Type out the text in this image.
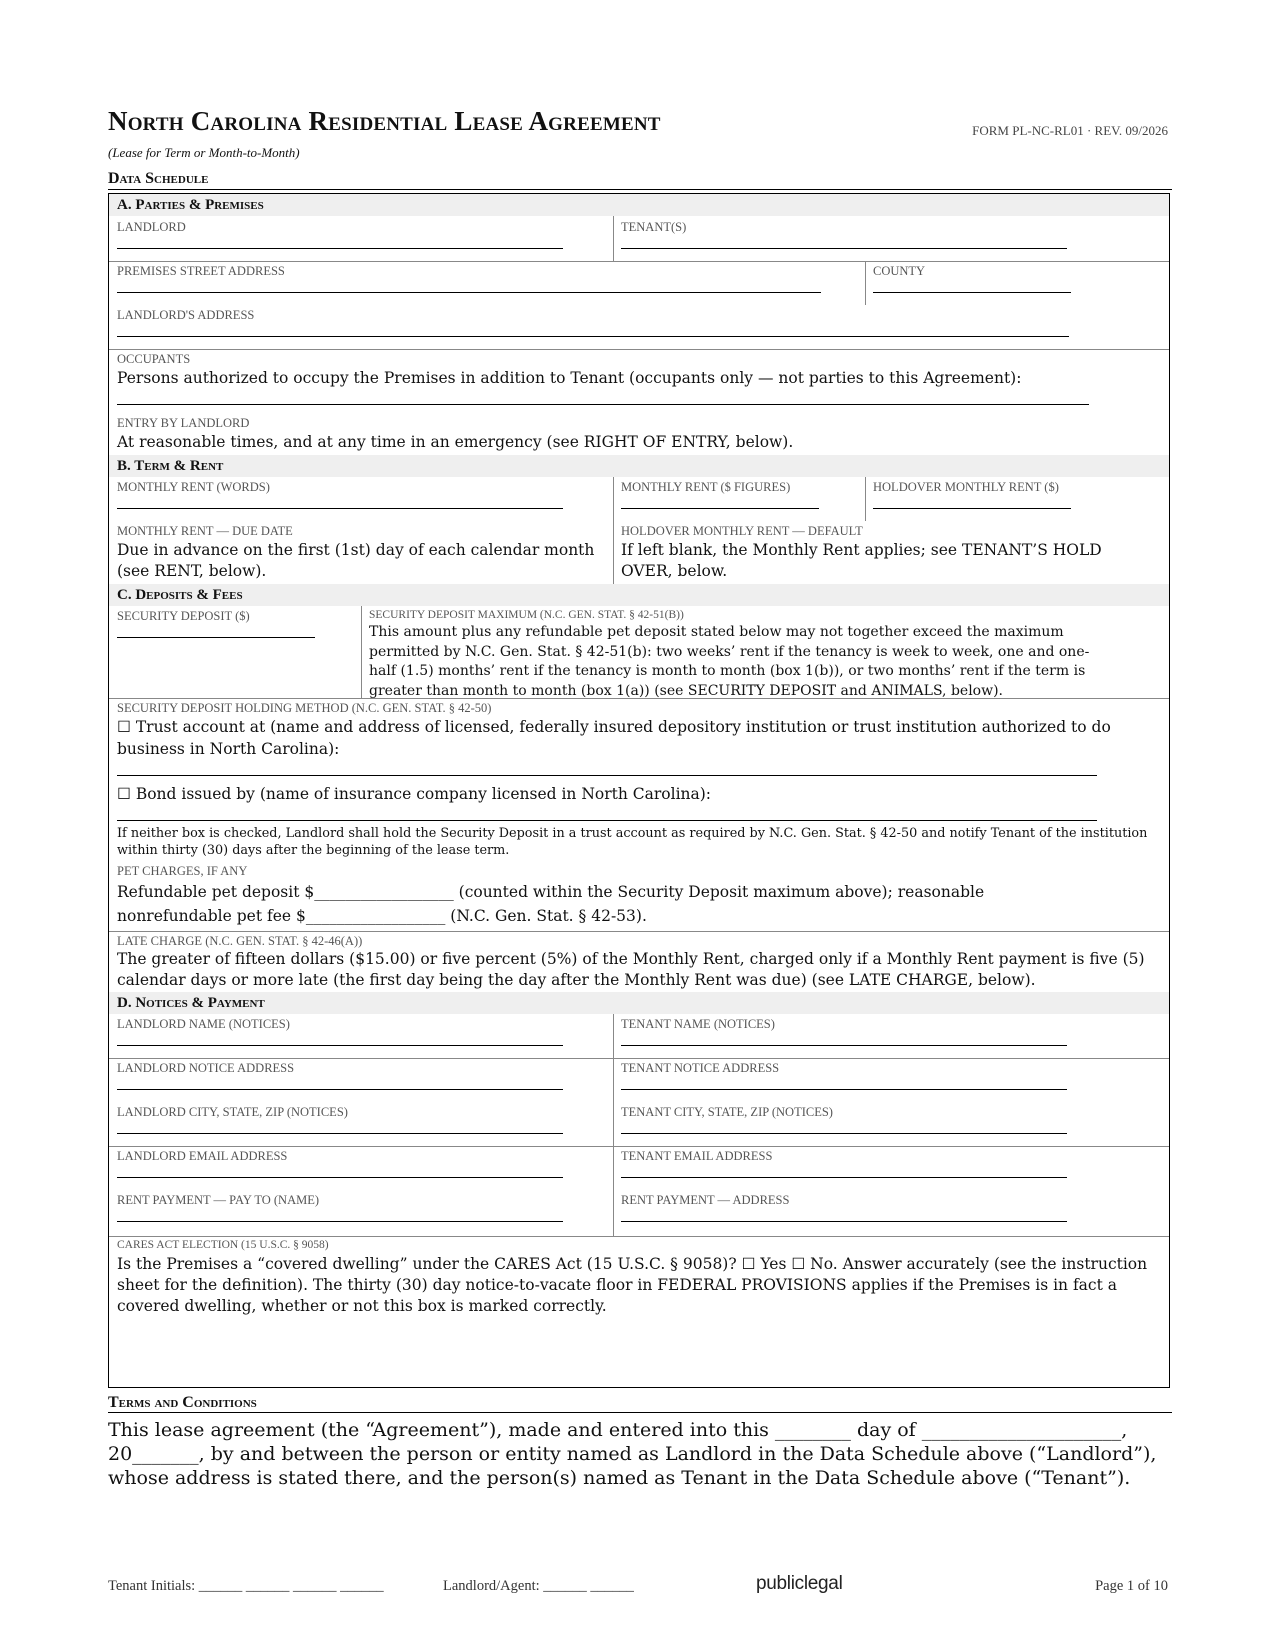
North Carolina Residential Lease Agreement	FORM PL-NC-RL01 · REV. 09/2026
(Lease for Term or Month-to-Month)
Data Schedule
A. Parties & Premises
LANDLORD	TENANT(S)
PREMISES STREET ADDRESS	COUNTY
LANDLORD'S ADDRESS
OCCUPANTS
Persons authorized to occupy the Premises in addition to Tenant (occupants only — not parties to this Agreement):
ENTRY BY LANDLORD
At reasonable times, and at any time in an emergency (see RIGHT OF ENTRY, below).
B. Term & Rent
MONTHLY RENT (WORDS)	MONTHLY RENT ($ FIGURES)	HOLDOVER MONTHLY RENT ($)
MONTHLY RENT — DUE DATE
Due in advance on the first (1st) day of each calendar month (see RENT, below).
HOLDOVER MONTHLY RENT — DEFAULT
If left blank, the Monthly Rent applies; see TENANT’S HOLD OVER, below.
C. Deposits & Fees
SECURITY DEPOSIT ($)	SECURITY DEPOSIT MAXIMUM (N.C. GEN. STAT. § 42-51(B))
This amount plus any refundable pet deposit stated below may not together exceed the maximum permitted by N.C. Gen. Stat. § 42-51(b): two weeks’ rent if the tenancy is week to week, one and one-half (1.5) months’ rent if the tenancy is month to month (box 1(b)), or two months’ rent if the term is greater than month to month (box 1(a)) (see SECURITY DEPOSIT and ANIMALS, below).
SECURITY DEPOSIT HOLDING METHOD (N.C. GEN. STAT. § 42-50)
☐ Trust account at (name and address of licensed, federally insured depository institution or trust institution authorized to do business in North Carolina):
☐ Bond issued by (name of insurance company licensed in North Carolina):
If neither box is checked, Landlord shall hold the Security Deposit in a trust account as required by N.C. Gen. Stat. § 42-50 and notify Tenant of the institution within thirty (30) days after the beginning of the lease term.
PET CHARGES, IF ANY
Refundable pet deposit $__________________ (counted within the Security Deposit maximum above); reasonable
nonrefundable pet fee $__________________ (N.C. Gen. Stat. § 42-53).
LATE CHARGE (N.C. GEN. STAT. § 42-46(A))
The greater of fifteen dollars ($15.00) or five percent (5%) of the Monthly Rent, charged only if a Monthly Rent payment is five (5) calendar days or more late (the first day being the day after the Monthly Rent was due) (see LATE CHARGE, below).
D. Notices & Payment
LANDLORD NAME (NOTICES)	TENANT NAME (NOTICES)
LANDLORD NOTICE ADDRESS	TENANT NOTICE ADDRESS
LANDLORD CITY, STATE, ZIP (NOTICES)	TENANT CITY, STATE, ZIP (NOTICES)
LANDLORD EMAIL ADDRESS	TENANT EMAIL ADDRESS
RENT PAYMENT — PAY TO (NAME)	RENT PAYMENT — ADDRESS
CARES ACT ELECTION (15 U.S.C. § 9058)
Is the Premises a “covered dwelling” under the CARES Act (15 U.S.C. § 9058)? ☐ Yes ☐ No. Answer accurately (see the instruction sheet for the definition). The thirty (30) day notice-to-vacate floor in FEDERAL PROVISIONS applies if the Premises is in fact a covered dwelling, whether or not this box is marked correctly.
Terms and Conditions
This lease agreement (the “Agreement”), made and entered into this ________ day of _____________________, 20_______, by and between the person or entity named as Landlord in the Data Schedule above (“Landlord”), whose address is stated there, and the person(s) named as Tenant in the Data Schedule above (“Tenant”).
Tenant Initials: ______ ______ ______ ______	Landlord/Agent: ______ ______	publiclegal	Page 1 of 10
